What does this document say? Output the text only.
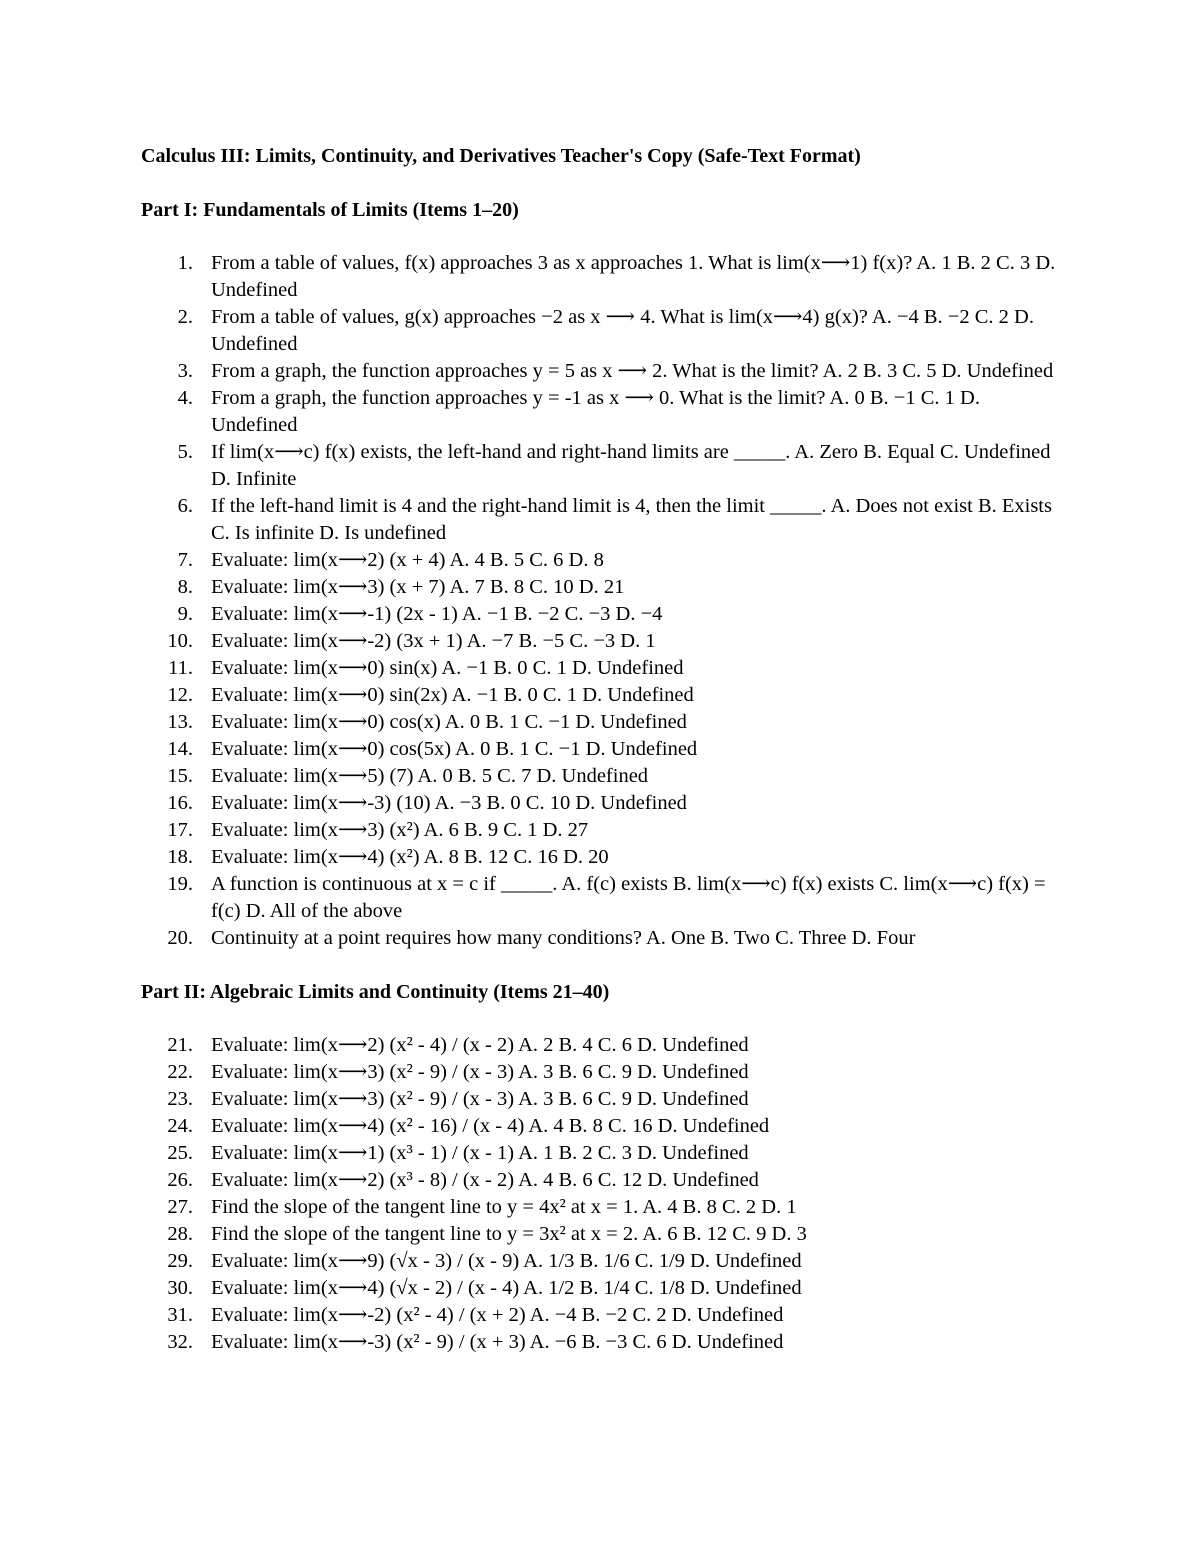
Calculus III: Limits, Continuity, and Derivatives Teacher's Copy (Safe-Text Format)

Part I: Fundamentals of Limits (Items 1–20)

1. From a table of values, f(x) approaches 3 as x approaches 1. What is lim(x⟶1) f(x)? A. 1 B. 2 C. 3 D. Undefined
2. From a table of values, g(x) approaches −2 as x ⟶ 4. What is lim(x⟶4) g(x)? A. −4 B. −2 C. 2 D. Undefined
3. From a graph, the function approaches y = 5 as x ⟶ 2. What is the limit? A. 2 B. 3 C. 5 D. Undefined
4. From a graph, the function approaches y = -1 as x ⟶ 0. What is the limit? A. 0 B. −1 C. 1 D. Undefined
5. If lim(x⟶c) f(x) exists, the left-hand and right-hand limits are _____. A. Zero B. Equal C. Undefined D. Infinite
6. If the left-hand limit is 4 and the right-hand limit is 4, then the limit _____. A. Does not exist B. Exists C. Is infinite D. Is undefined
7. Evaluate: lim(x⟶2) (x + 4) A. 4 B. 5 C. 6 D. 8
8. Evaluate: lim(x⟶3) (x + 7) A. 7 B. 8 C. 10 D. 21
9. Evaluate: lim(x⟶-1) (2x - 1) A. −1 B. −2 C. −3 D. −4
10. Evaluate: lim(x⟶-2) (3x + 1) A. −7 B. −5 C. −3 D. 1
11. Evaluate: lim(x⟶0) sin(x) A. −1 B. 0 C. 1 D. Undefined
12. Evaluate: lim(x⟶0) sin(2x) A. −1 B. 0 C. 1 D. Undefined
13. Evaluate: lim(x⟶0) cos(x) A. 0 B. 1 C. −1 D. Undefined
14. Evaluate: lim(x⟶0) cos(5x) A. 0 B. 1 C. −1 D. Undefined
15. Evaluate: lim(x⟶5) (7) A. 0 B. 5 C. 7 D. Undefined
16. Evaluate: lim(x⟶-3) (10) A. −3 B. 0 C. 10 D. Undefined
17. Evaluate: lim(x⟶3) (x²) A. 6 B. 9 C. 1 D. 27
18. Evaluate: lim(x⟶4) (x²) A. 8 B. 12 C. 16 D. 20
19. A function is continuous at x = c if _____. A. f(c) exists B. lim(x⟶c) f(x) exists C. lim(x⟶c) f(x) = f(c) D. All of the above
20. Continuity at a point requires how many conditions? A. One B. Two C. Three D. Four

Part II: Algebraic Limits and Continuity (Items 21–40)

21. Evaluate: lim(x⟶2) (x² - 4) / (x - 2) A. 2 B. 4 C. 6 D. Undefined
22. Evaluate: lim(x⟶3) (x² - 9) / (x - 3) A. 3 B. 6 C. 9 D. Undefined
23. Evaluate: lim(x⟶3) (x² - 9) / (x - 3) A. 3 B. 6 C. 9 D. Undefined
24. Evaluate: lim(x⟶4) (x² - 16) / (x - 4) A. 4 B. 8 C. 16 D. Undefined
25. Evaluate: lim(x⟶1) (x³ - 1) / (x - 1) A. 1 B. 2 C. 3 D. Undefined
26. Evaluate: lim(x⟶2) (x³ - 8) / (x - 2) A. 4 B. 6 C. 12 D. Undefined
27. Find the slope of the tangent line to y = 4x² at x = 1. A. 4 B. 8 C. 2 D. 1
28. Find the slope of the tangent line to y = 3x² at x = 2. A. 6 B. 12 C. 9 D. 3
29. Evaluate: lim(x⟶9) (√x - 3) / (x - 9) A. 1/3 B. 1/6 C. 1/9 D. Undefined
30. Evaluate: lim(x⟶4) (√x - 2) / (x - 4) A. 1/2 B. 1/4 C. 1/8 D. Undefined
31. Evaluate: lim(x⟶-2) (x² - 4) / (x + 2) A. −4 B. −2 C. 2 D. Undefined
32. Evaluate: lim(x⟶-3) (x² - 9) / (x + 3) A. −6 B. −3 C. 6 D. Undefined
